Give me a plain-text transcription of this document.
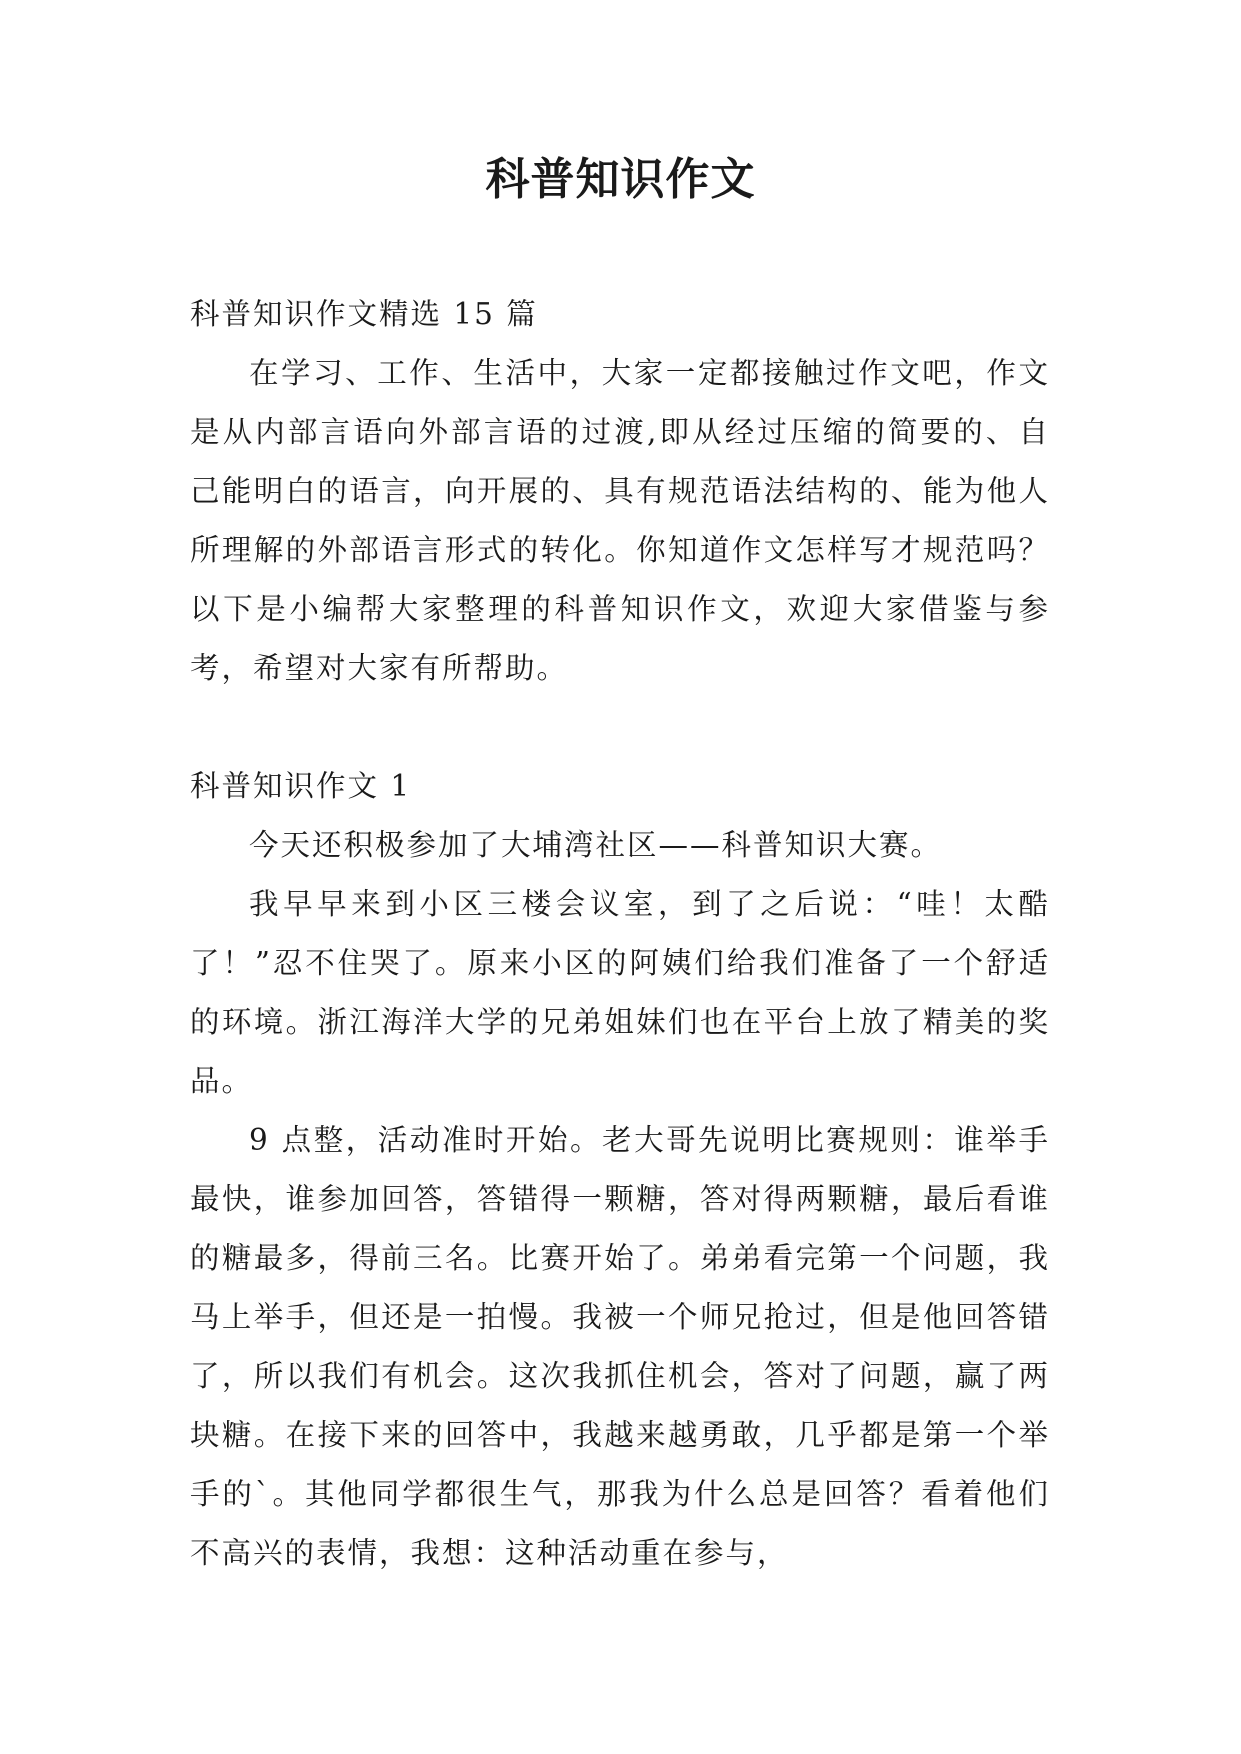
科普知识作文

科普知识作文精选 15 篇

在学习、工作、生活中，大家一定都接触过作文吧，作文是从内部言语向外部言语的过渡,即从经过压缩的简要的、自己能明白的语言，向开展的、具有规范语法结构的、能为他人所理解的外部语言形式的转化。你知道作文怎样写才规范吗？以下是小编帮大家整理的科普知识作文，欢迎大家借鉴与参考，希望对大家有所帮助。

科普知识作文 1

今天还积极参加了大埔湾社区——科普知识大赛。

我早早来到小区三楼会议室，到了之后说：“哇！太酷了！”忍不住哭了。原来小区的阿姨们给我们准备了一个舒适的环境。浙江海洋大学的兄弟姐妹们也在平台上放了精美的奖品。

9 点整，活动准时开始。老大哥先说明比赛规则：谁举手最快，谁参加回答，答错得一颗糖，答对得两颗糖，最后看谁的糖最多，得前三名。比赛开始了。弟弟看完第一个问题，我马上举手，但还是一拍慢。我被一个师兄抢过，但是他回答错了，所以我们有机会。这次我抓住机会，答对了问题，赢了两块糖。在接下来的回答中，我越来越勇敢，几乎都是第一个举手的`。其他同学都很生气，那我为什么总是回答？看着他们不高兴的表情，我想：这种活动重在参与，
